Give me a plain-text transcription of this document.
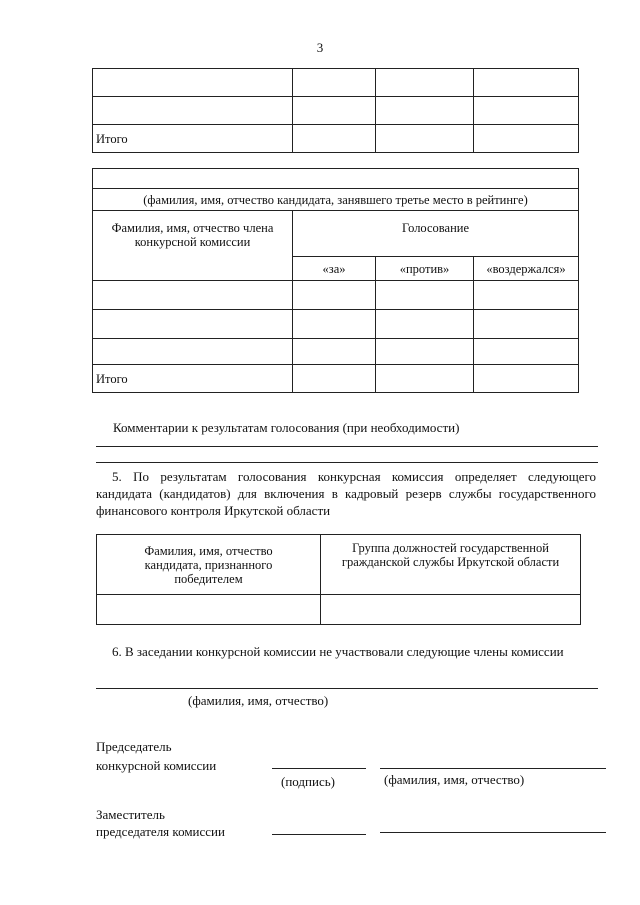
3

Итого			

(фамилия, имя, отчество кандидата, занявшего третье место в рейтинге)			
Фамилия, имя, отчество члена конкурсной комиссии	Голосование		
	«за»	«против»	«воздержался»

Итого			
Комментарии к результатам голосования (при необходимости)
5. По результатам голосования конкурсная комиссия определяет следующего кандидата (кандидатов) для включения в кадровый резерв службы государственного финансового контроля Иркутской области
Фамилия, имя, отчество кандидата, признанного победителем	Группа должностей государственной гражданской службы Иркутской области

6. В заседании конкурсной комиссии не участвовали следующие члены комиссии
(фамилия, имя, отчество)
Председатель
конкурсной комиссии
(подпись)	(фамилия, имя, отчество)
Заместитель
председателя комиссии
